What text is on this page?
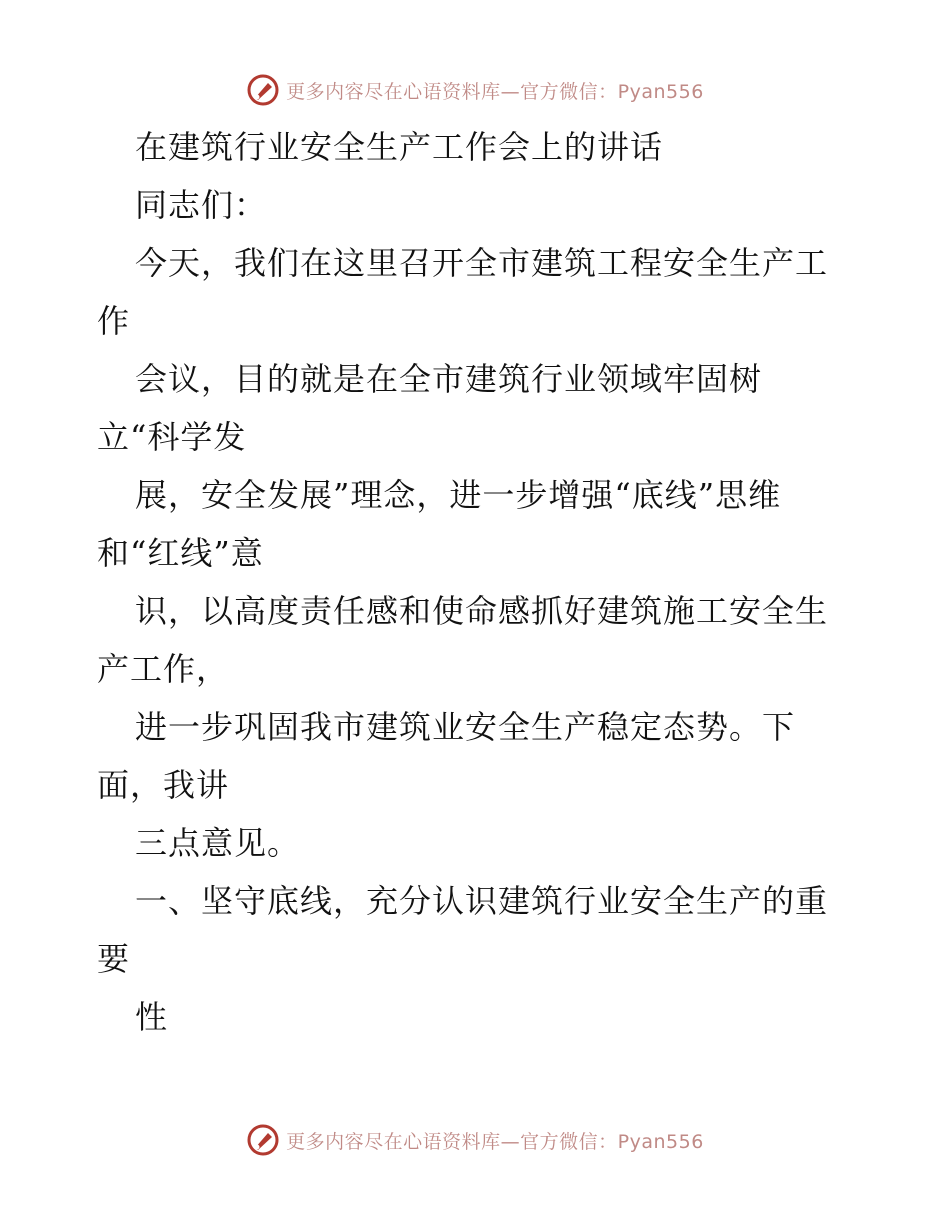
更多内容尽在心语资料库—官方微信：Pyan556
在建筑行业安全生产工作会上的讲话
同志们：
今天，我们在这里召开全市建筑工程安全生产工
作
会议，目的就是在全市建筑行业领域牢固树
立“科学发
展，安全发展”理念，进一步增强“底线”思维
和“红线”意
识，以高度责任感和使命感抓好建筑施工安全生
产工作，
进一步巩固我市建筑业安全生产稳定态势。下
面，我讲
三点意见。
一、坚守底线，充分认识建筑行业安全生产的重
要
性
更多内容尽在心语资料库—官方微信：Pyan556
